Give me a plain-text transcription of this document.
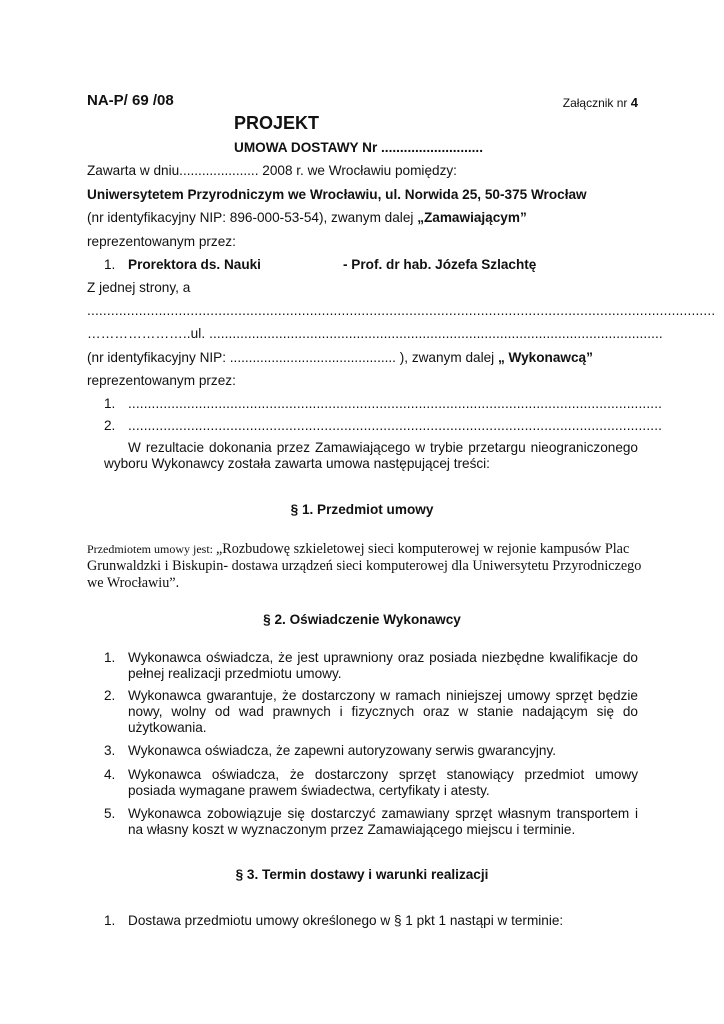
NA-P/ 69 /08	Załącznik nr 4
PROJEKT
UMOWA DOSTAWY Nr ...........................
Zawarta w dniu..................... 2008 r. we Wrocławiu pomiędzy:
Uniwersytetem Przyrodniczym we Wrocławiu, ul. Norwida 25, 50-375 Wrocław
(nr identyfikacyjny NIP: 896-000-53-54), zwanym dalej „Zamawiającym”
reprezentowanym przez:
1. Prorektora ds. Nauki	- Prof. dr hab. Józefa Szlachtę
Z jednej strony, a
..............................................................................................................................................................
…………………..ul. .....................................................................................................................
(nr identyfikacyjny NIP: ............................................ ), zwanym dalej „ Wykonawcą”
reprezentowanym przez:
1. ........................................................................................................................................
2. ........................................................................................................................................
W rezultacie dokonania przez Zamawiającego w trybie przetargu nieograniczonego wyboru Wykonawcy została zawarta umowa następującej treści:
§ 1. Przedmiot umowy
Przedmiotem umowy jest: „Rozbudowę szkieletowej sieci komputerowej w rejonie kampusów Plac Grunwaldzki i Biskupin- dostawa urządzeń sieci komputerowej dla Uniwersytetu Przyrodniczego we Wrocławiu”.
§ 2. Oświadczenie Wykonawcy
1. Wykonawca oświadcza, że jest uprawniony oraz posiada niezbędne kwalifikacje do pełnej realizacji przedmiotu umowy.
2. Wykonawca gwarantuje, że dostarczony w ramach niniejszej umowy sprzęt będzie nowy, wolny od wad prawnych i fizycznych oraz w stanie nadającym się do użytkowania.
3. Wykonawca oświadcza, że zapewni autoryzowany serwis gwarancyjny.
4. Wykonawca oświadcza, że dostarczony sprzęt stanowiący przedmiot umowy posiada wymagane prawem świadectwa, certyfikaty i atesty.
5. Wykonawca zobowiązuje się dostarczyć zamawiany sprzęt własnym transportem i na własny koszt w wyznaczonym przez Zamawiającego miejscu i terminie.
§ 3. Termin dostawy i warunki realizacji
1. Dostawa przedmiotu umowy określonego w § 1 pkt 1 nastąpi w terminie:
